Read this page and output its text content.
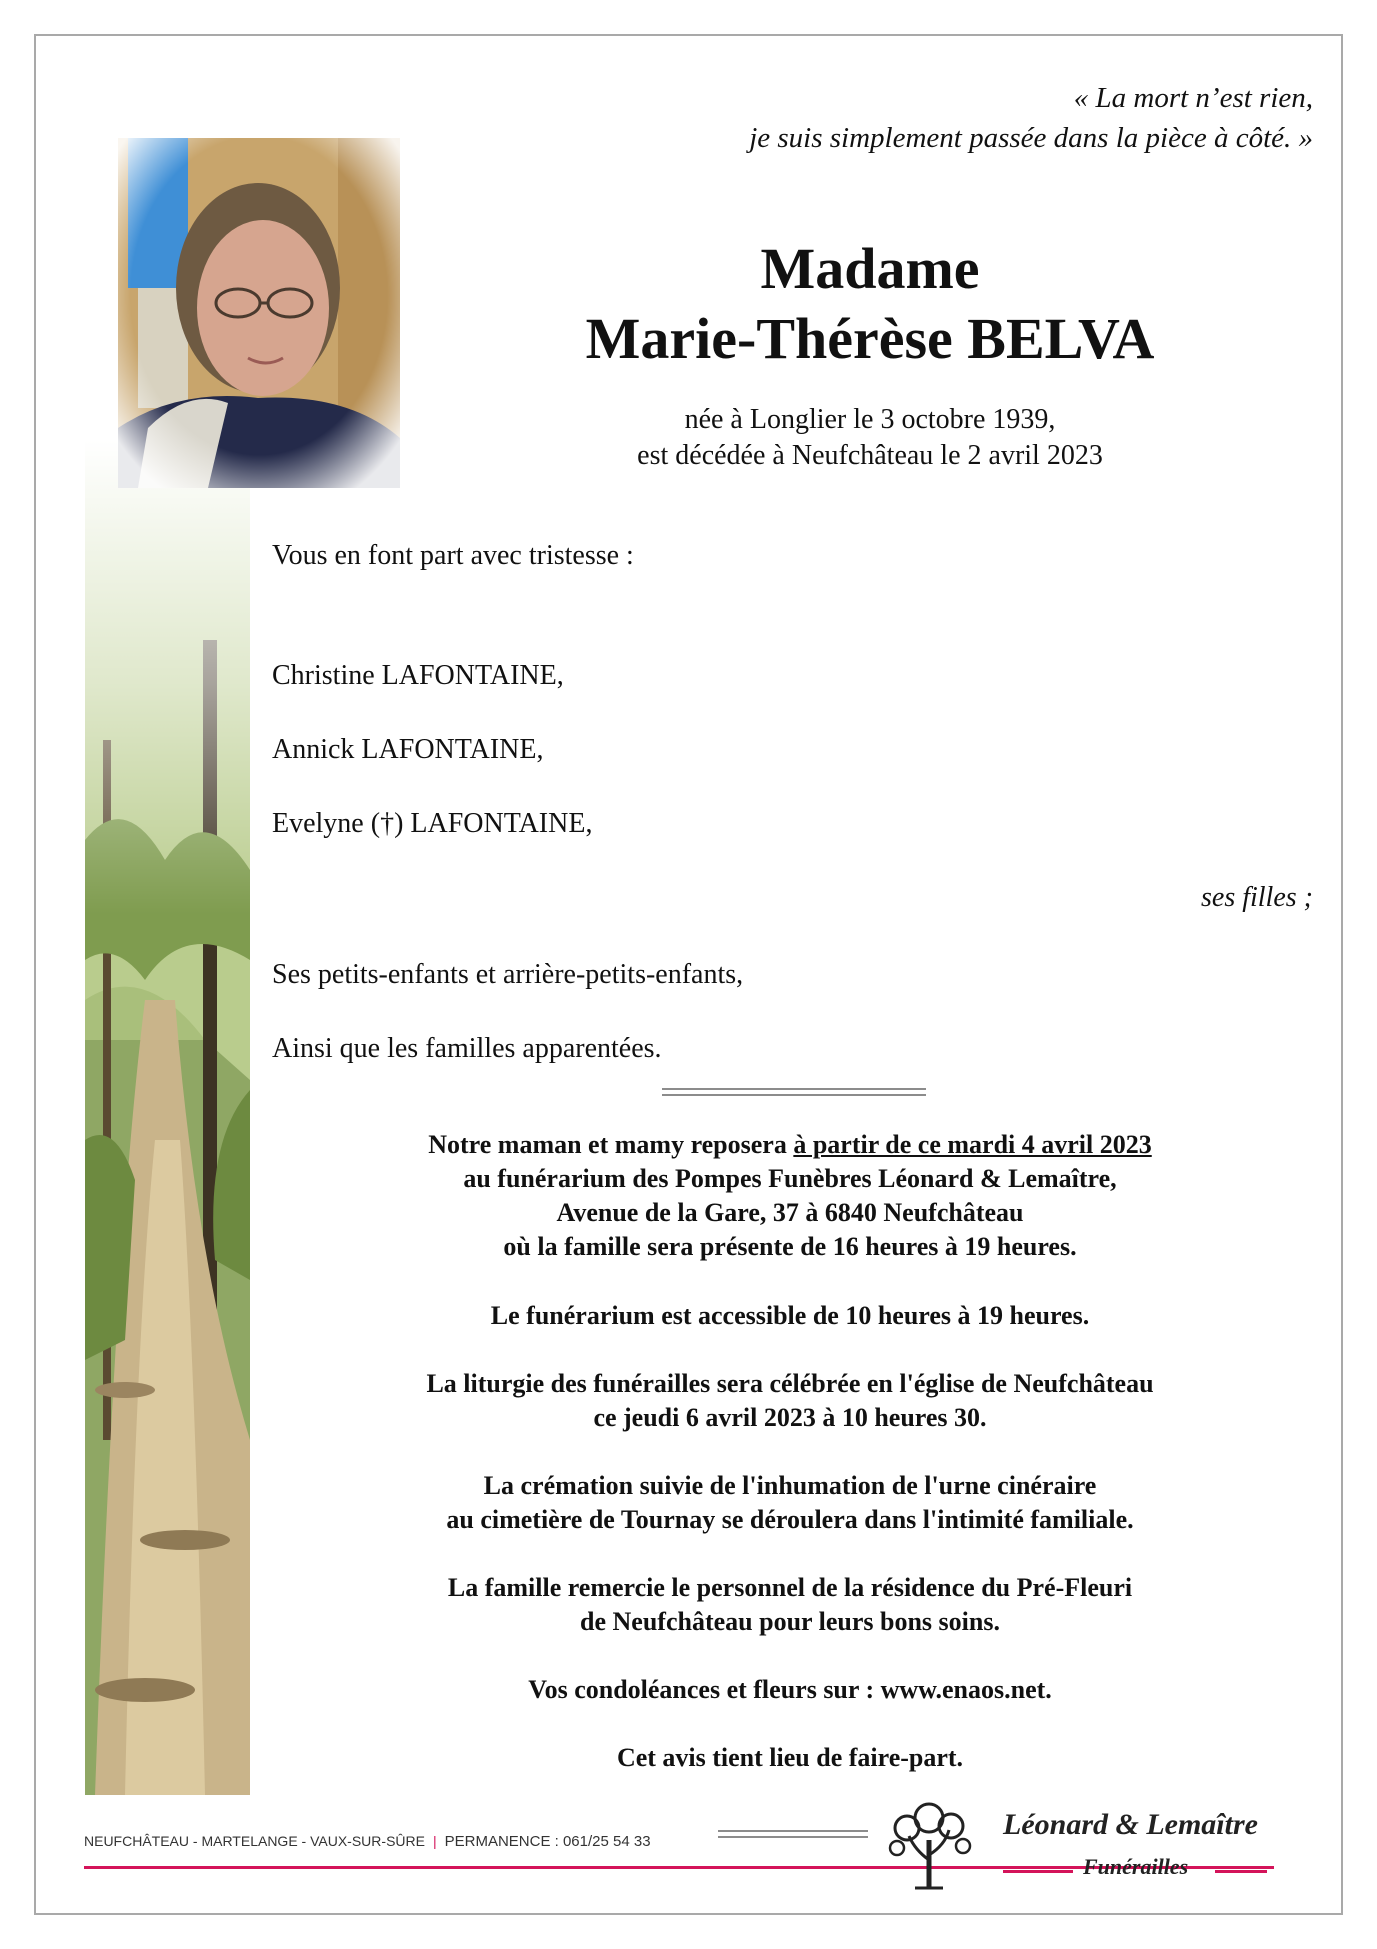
« La mort n’est rien,
je suis simplement passée dans la pièce à côté. »
Madame
Marie-Thérèse BELVA
née à Longlier le 3 octobre 1939,
est décédée à Neufchâteau le 2 avril 2023
Vous en font part avec tristesse :
Christine LAFONTAINE,
Annick LAFONTAINE,
Evelyne (†) LAFONTAINE,
ses filles ;
Ses petits-enfants et arrière-petits-enfants,
Ainsi que les familles apparentées.
Notre maman et mamy reposera à partir de ce mardi 4 avril 2023
au funérarium des Pompes Funèbres Léonard & Lemaître,
Avenue de la Gare, 37 à 6840 Neufchâteau
où la famille sera présente de 16 heures à 19 heures.
Le funérarium est accessible de 10 heures à 19 heures.
La liturgie des funérailles sera célébrée en l'église de Neufchâteau
ce jeudi 6 avril 2023 à 10 heures 30.
La crémation suivie de l'inhumation de l'urne cinéraire
au cimetière de Tournay se déroulera dans l'intimité familiale.
La famille remercie le personnel de la résidence du Pré-Fleuri
de Neufchâteau pour leurs bons soins.
Vos condoléances et fleurs sur : www.enaos.net.
Cet avis tient lieu de faire-part.
NEUFCHÂTEAU - MARTELANGE - VAUX-SUR-SÛRE | PERMANENCE : 061/25 54 33
Léonard & Lemaître
Funérailles
